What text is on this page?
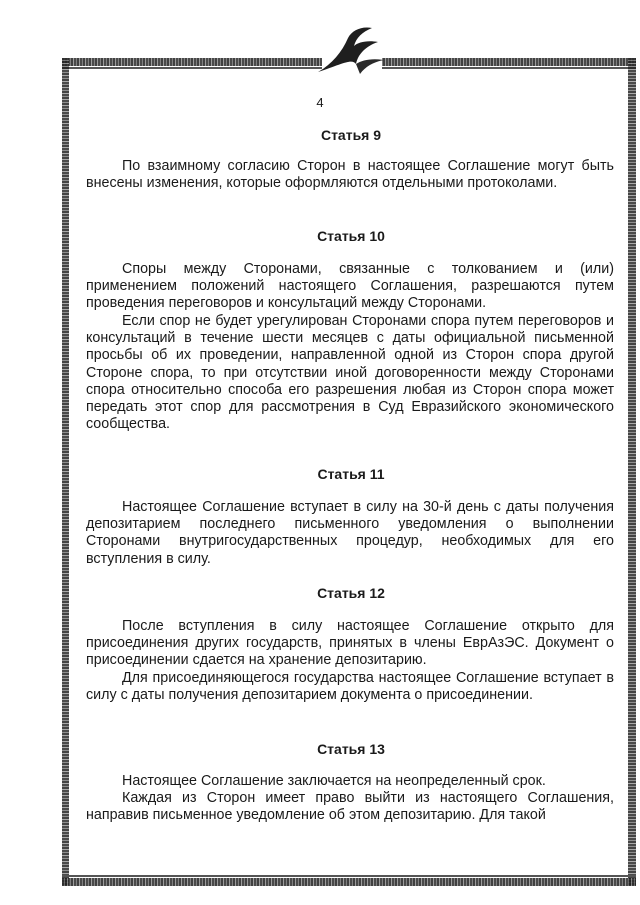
4
Статья 9

По взаимному согласию Сторон в настоящее Соглашение могут быть внесены изменения, которые оформляются отдельными протоколами.

Статья 10

Споры между Сторонами, связанные с толкованием и (или) применением положений настоящего Соглашения, разрешаются путем проведения переговоров и консультаций между Сторонами.

Если спор не будет урегулирован Сторонами спора путем переговоров и консультаций в течение шести месяцев с даты официальной письменной просьбы об их проведении, направленной одной из Сторон спора другой Стороне спора, то при отсутствии иной договоренности между Сторонами спора относительно способа его разрешения любая из Сторон спора может передать этот спор для рассмотрения в Суд Евразийского экономического сообщества.

Статья 11

Настоящее Соглашение вступает в силу на 30-й день с даты получения депозитарием последнего письменного уведомления о выполнении Сторонами внутригосударственных процедур, необходимых для его вступления в силу.

Статья 12

После вступления в силу настоящее Соглашение открыто для присоединения других государств, принятых в члены ЕврАзЭС. Документ о присоединении сдается на хранение депозитарию.

Для присоединяющегося государства настоящее Соглашение вступает в силу с даты получения депозитарием документа о присоединении.

Статья 13

Настоящее Соглашение заключается на неопределенный срок.

Каждая из Сторон имеет право выйти из настоящего Соглашения, направив письменное уведомление об этом депозитарию. Для такой
